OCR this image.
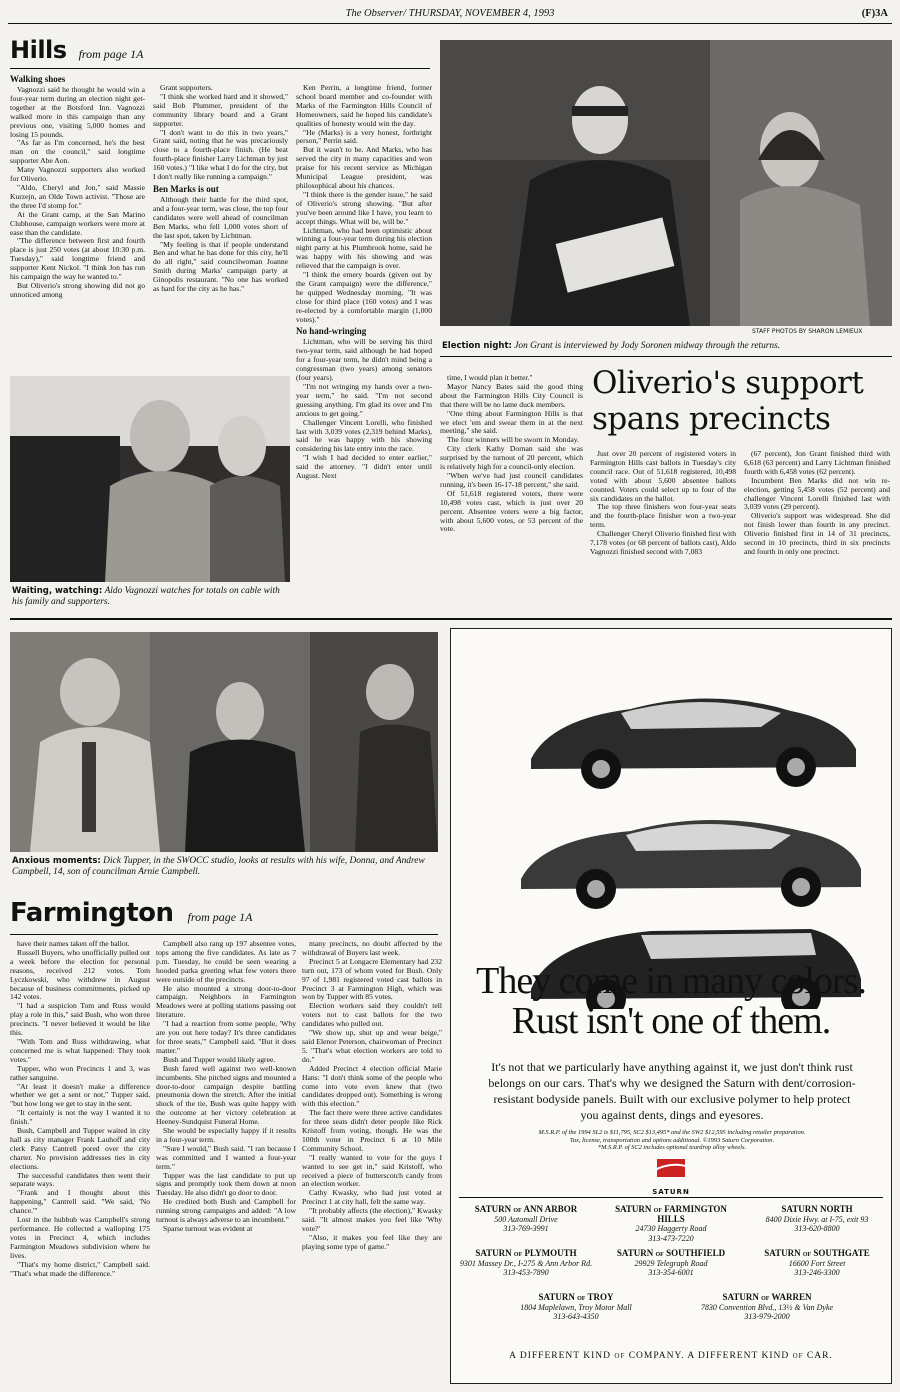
The Observer/ THURSDAY, NOVEMBER 4, 1993	(F)3A
Hills from page 1A
Walking shoes

Vagnozzi said he thought he would win a four-year term during an election night get-together at the Botsford Inn. Vagnozzi walked more in this campaign than any previous one, visiting 5,000 homes and losing 15 pounds.

"As far as I'm concerned, he's the best man on the council," said longtime supporter Abe Aon.

Many Vagnozzi supporters also worked for Oliverio.

"Aldo, Cheryl and Jon," said Massie Kurzejn, an Olde Town activist. "Those are the three I'd stomp for."

At the Grant camp, at the San Marino Clubhouse, campaign workers were more at ease than the candidate.

"The difference between first and fourth place is just 250 votes (at about 10:30 p.m. Tuesday)," said longtime friend and supporter Kent Nickol. "I think Jon has run his campaign the way he wanted to."

But Oliverio's strong showing did not go unnoticed among

Grant supporters.

"I think she worked hard and it showed," said Bob Plummer, president of the community library board and a Grant supporter.

"I don't want to do this in two years," Grant said, noting that he was precariously close to a fourth-place finish. (He beat fourth-place finisher Larry Lichtman by just 160 votes.) "I like what I do for the city, but I don't really like running a campaign."

Ben Marks is out

Although their battle for the third spot, and a four-year term, was close, the top four candidates were well ahead of councilman Ben Marks, who fell 1,000 votes short of the last spot, taken by Lichtman.

"My feeling is that if people understand Ben and what he has done for this city, he'll do all right," said councilwoman Joanne Smith during Marks' campaign party at Ginopolis restaurant. "No one has worked as hard for the city as he has."

Ken Perrin, a longtime friend, former school board member and co-founder with Marks of the Farmington Hills Council of Homeowners, said he hoped his candidate's qualities of honesty would win the day.

"He (Marks) is a very honest, forthright person," Perrin said.

But it wasn't to be. And Marks, who has served the city in many capacities and won praise for his recent service as Michigan Municipal League president, was philosophical about his chances.

"I think there is the gender issue," he said of Oliverio's strong showing. "But after you've been around like I have, you learn to accept things. What will be, will be."

Lichtman, who had been optimistic about winning a four-year term during his election night party at his Plumbrook home, said he was happy with his showing and was relieved that the campaign is over.

"I think the emery boards (given out by the Grant campaign) were the difference," he quipped Wednesday morning. "It was close for third place (160 votes) and I was re-elected by a comfortable margin (1,000 votes)."

No hand-wringing

Lichtman, who will be serving his third two-year term, said although he had hoped for a four-year term, he didn't mind being a congressman (two years) among senators (four years).

"I'm not wringing my hands over a two-year term," he said. "I'm not second guessing anything. I'm glad its over and I'm anxious to get going."

Challenger Vincent Lorelli, who finished last with 3,039 votes (2,319 behind Marks), said he was happy with his showing considering his late entry into the race.

"I wish I had decided to enter earlier," said the attorney. "I didn't enter until August. Next

STAFF PHOTOS BY SHARON LEMIEUX
Election night: Jon Grant is interviewed by Jody Soronen midway through the returns.
Waiting, watching: Aldo Vagnozzi watches for totals on cable with his family and supporters.

time, I would plan it better."

Mayor Nancy Bates said the good thing about the Farmington Hills City Council is that there will be no lame duck members.

"One thing about Farmington Hills is that we elect 'em and swear them in at the next meeting," she said.

The four winners will be sworn in Monday.

City clerk Kathy Dornan said she was surprised by the turnout of 20 percent, which is relatively high for a council-only election.

"When we've had just council candidates running, it's been 16-17-18 percent," she said.

Of 51,618 registered voters, there were 10,498 votes cast, which is just over 20 percent. Absentee voters were a big factor, with about 5,600 votes, or 53 percent of the vote.

Oliverio's support
spans precincts

Just over 20 percent of registered voters in Farmington Hills cast ballots in Tuesday's city council race. Out of 51,618 registered, 10,498 voted with about 5,600 absentee ballots counted. Voters could select up to four of the six candidates on the ballot.

The top three finishers won four-year seats and the fourth-place finisher won a two-year term.

Challenger Cheryl Oliverio finished first with 7,178 votes (or 68 percent of ballots cast), Aldo Vagnozzi finished second with 7,083

(67 percent), Jon Grant finished third with 6,618 (63 percent) and Larry Lichtman finished fourth with 6,458 votes (62 percent).

Incumbent Ben Marks did not win re-election, getting 5,458 votes (52 percent) and challenger Vincent Lorelli finished last with 3,039 votes (29 percent).

Oliverio's support was widespread. She did not finish lower than fourth in any precinct. Oliverio finished first in 14 of 31 precincts, second in 10 precincts, third in six precincts and fourth in only one precinct.

Anxious moments: Dick Tupper, in the SWOCC studio, looks at results with his wife, Donna, and Andrew Campbell, 14, son of councilman Arnie Campbell.
Farmington from page 1A

have their names taken off the ballot.

Russell Buyers, who unofficially pulled out a week before the election for personal reasons, received 212 votes. Tom Lyczkowski, who withdrew in August because of business commitments, picked up 142 votes.

"I had a suspicion Tom and Russ would play a role in this," said Bush, who won three precincts. "I never believed it would be like this.

"With Tom and Russ withdrawing, what concerned me is what happened: They took votes."

Tupper, who won Precincts 1 and 3, was rather sanguine.

"At least it doesn't make a difference whether we get a sent or not," Tupper said, "but how long we get to stay in the sent.

"It certainly is not the way I wanted it to finish."

Bush, Campbell and Tupper waited in city hall as city manager Frank Lauhoff and city clerk Patsy Cantrell pored over the city charter. No provision addresses ties in city elections.

The successful candidates then went their separate ways.

"Frank and I thought about this happening," Cantrell said. "We said, 'No chance.'"

Lost in the hubbub was Campbell's strong performance. He collected a walloping 175 votes in Precinct 4, which includes Farmington Meadows subdivision where he lives.

"That's my home district," Campbell said. "That's what made the difference."

Campbell also rang up 197 absentee votes, tops among the five candidates. As late as 7 p.m. Tuesday, he could be seen wearing a hooded parka greeting what few voters there were outside of the precincts.

He also mounted a strong door-to-door campaign. Neighbors in Farmington Meadows were at polling stations passing out literature.

"I had a reaction from some people, 'Why are you out here today? It's three candidates for three seats,'" Campbell said. "But it does matter."

Bush and Tupper would likely agree.

Bush fared well against two well-known incumbents. She pitched signs and mounted a door-to-door campaign despite battling pneumonia down the stretch. After the initial shock of the tie, Bush was quite happy with the outcome at her victory celebration at Heeney-Sundquist Funeral Home.

She would be especially happy if it results in a four-year term.

"Sure I would," Bush said. "I ran because I was committed and I wanted a four-year term."

Tupper was the last candidate to put up signs and promptly took them down at noon Tuesday. He also didn't go door to door.

He credited both Bush and Campbell for running strong campaigns and added: "A low turnout is always adverse to an incumbent."

Sparse turnout was evident at

many precincts, no doubt affected by the withdrawal of Buyers last week.

Precinct 5 at Longacre Elementary had 232 turn out, 173 of whom voted for Bush. Only 97 of 1,981 registered voted cast ballots in Precinct 3 at Farmington High, which was won by Tupper with 85 votes.

Election workers said they couldn't tell voters not to cast ballots for the two candidates who pulled out.

"We show up, shut up and wear beige," said Elenor Peterson, chairwoman of Precinct 5. "That's what election workers are told to do."

Added Precinct 4 election official Marie Hans: "I don't think some of the people who come into vote even knew that (two candidates dropped out). Something is wrong with this election."

The fact there were three active candidates for three seats didn't deter people like Rick Kristoff from voting, though. He was the 100th voter in Precinct 6 at 10 Mile Community School.

"I really wanted to vote for the guys I wanted to see get in," said Kristoff, who received a piece of butterscotch candy from an election worker.

Cathy Kwasky, who had just voted at Precinct 1 at city hall, felt the same way.

"It probably affects (the election)," Kwasky said. "It almost makes you feel like 'Why vote?'

"Also, it makes you feel like they are playing some type of game."

They come in many colors.
Rust isn't one of them.
It's not that we particularly have anything against it, we just don't think rust belongs on our cars. That's why we designed the Saturn with dent/corrosion-resistant bodyside panels. Built with our exclusive polymer to help protect you against dents, dings and eyesores.
M.S.R.P. of the 1994 SL2 is $11,795, SC2 $13,495* and the SW2 $12,595 including retailer preparation.
Tax, license, transportation and options additional. ©1993 Saturn Corporation.
*M.S.R.P. of SC2 includes optional teardrop alloy wheels.
SATURN
SATURN of ANN ARBOR
500 Automall Drive
313-769-3991
SATURN of FARMINGTON HILLS
24730 Haggerty Road
313-473-7220
SATURN NORTH
8400 Dixie Hwy. at I-75, exit 93
313-620-8800
SATURN of PLYMOUTH
9301 Massey Dr., I-275 & Ann Arbor Rd. 313-453-7890
SATURN of SOUTHFIELD
29929 Telegraph Road
313-354-6001
SATURN of SOUTHGATE
16600 Fort Street
313-246-3300
SATURN of TROY
1804 Maplelawn, Troy Motor Mall
313-643-4350
SATURN of WARREN
7830 Convention Blvd., 13½ & Van Dyke
313-979-2000
A DIFFERENT KIND of COMPANY. A DIFFERENT KIND of CAR.
